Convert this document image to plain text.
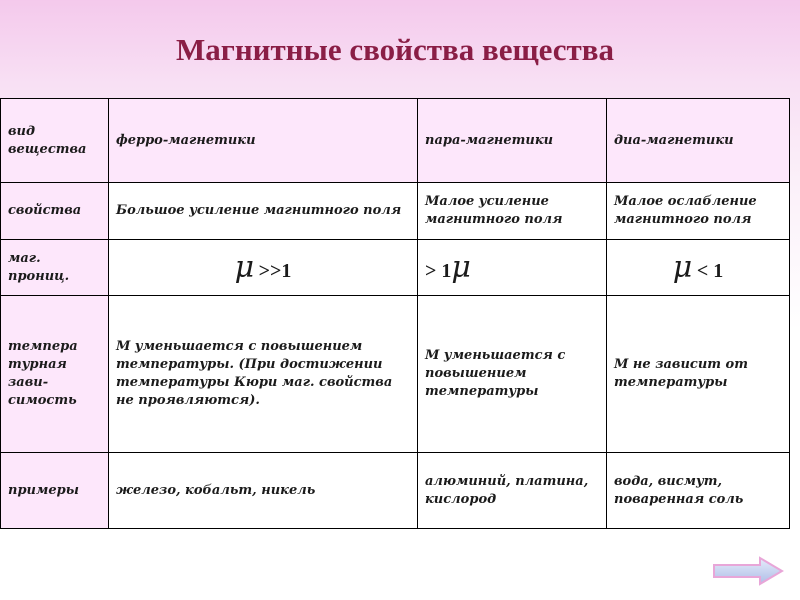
Магнитные свойства вещества
вид вещества	ферро-магнетики	пара-магнетики	диа-магнетики
свойства	Большое усиление магнитного поля	Малое усиление магнитного поля	Малое ослабление магнитного поля
маг. прониц.	μ >>1	> 1μ	μ < 1
темпера турная зави- симость	М уменьшается с повышением температуры. (При достижении температуры Кюри маг. свойства не проявляются).	М уменьшается с повышением температуры	М не зависит от температуры
примеры	железо, кобальт, никель	алюминий, платина, кислород	вода, висмут, поваренная соль
